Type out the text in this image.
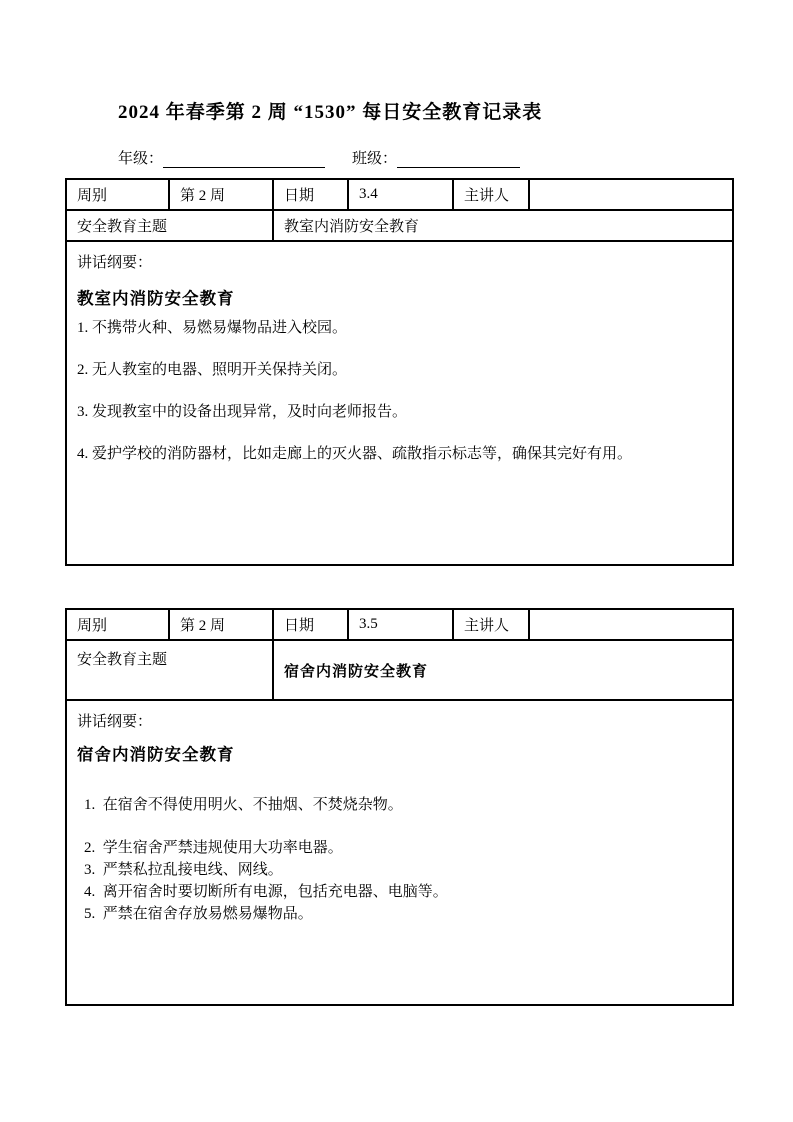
2024 年春季第 2 周 “1530” 每日安全教育记录表
年级：	班级：
周别	第 2 周	日期	3.4	主讲人	
安全教育主题		教室内消防安全教育			

讲话纲要：
教室内消防安全教育
1. 不携带火种、易燃易爆物品进入校园。
2. 无人教室的电器、照明开关保持关闭。
3. 发现教室中的设备出现异常，及时向老师报告。
4. 爱护学校的消防器材，比如走廊上的灭火器、疏散指示标志等，确保其完好有用。
周别	第 2 周	日期	3.5	主讲人	
安全教育主题		宿舍内消防安全教育			

讲话纲要：
宿舍内消防安全教育
1.  在宿舍不得使用明火、不抽烟、不焚烧杂物。
2.  学生宿舍严禁违规使用大功率电器。
3.  严禁私拉乱接电线、网线。
4.  离开宿舍时要切断所有电源，包括充电器、电脑等。
5.  严禁在宿舍存放易燃易爆物品。
